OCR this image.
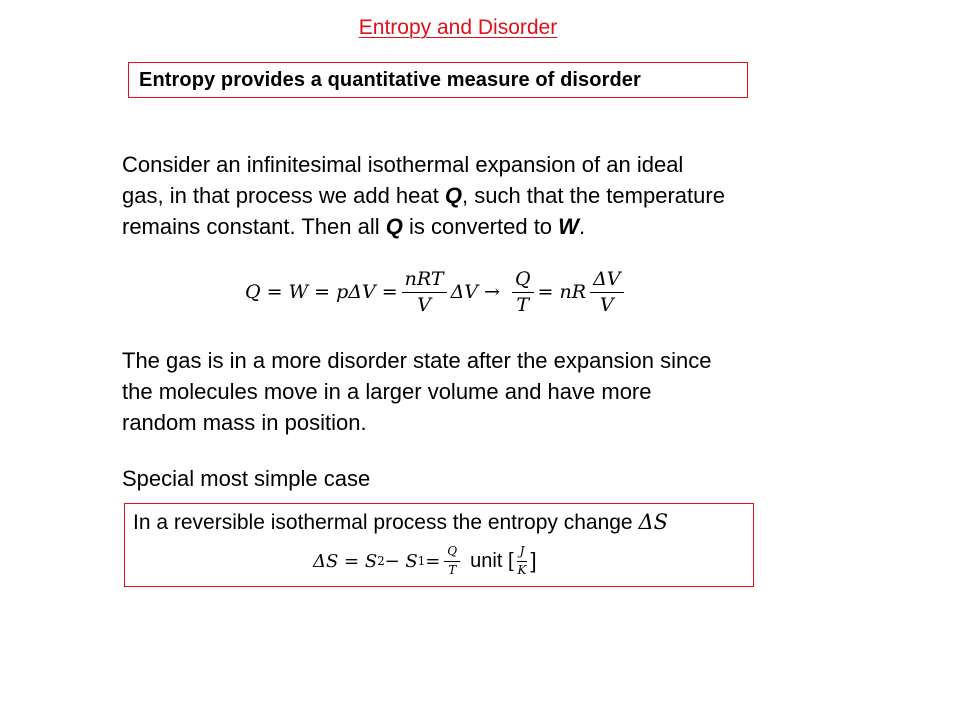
Entropy and Disorder
Entropy provides a quantitative measure of disorder
Consider an infinitesimal isothermal expansion of an ideal
gas, in that process we add heat Q, such that the temperature
remains constant. Then all Q is converted to W.
$Q = W = p\Delta V = \frac{\text{nRT}}{V}$ $\Delta V \to \frac{Q}{T}$ = nR $\frac{\Delta V}{V}$
The gas is in a more disorder state after the expansion since
the molecules move in a larger volume and have more
random mass in position.
Special most simple case
In a reversible isothermal process the entropy change ΔS
ΔS = S 2 − S $1 = \frac{Q}{T}$ unit [ $\frac{J}{K}$ ]
